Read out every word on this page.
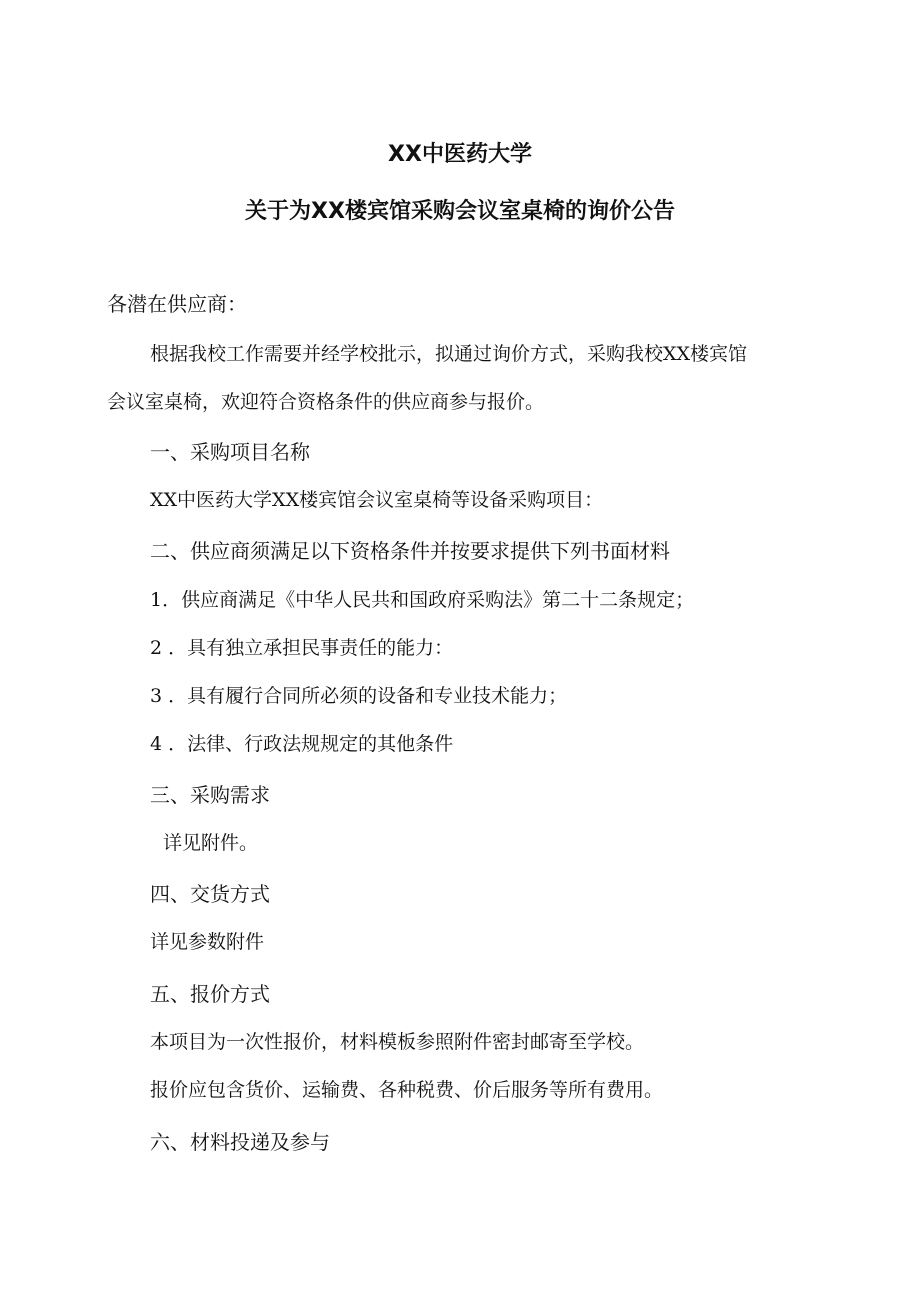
XX中医药大学
关于为XX楼宾馆采购会议室桌椅的询价公告
各潜在供应商：
根据我校工作需要并经学校批示，拟通过询价方式，采购我校XX楼宾馆
会议室桌椅，欢迎符合资格条件的供应商参与报价。
一、采购项目名称
XX中医药大学XX楼宾馆会议室桌椅等设备采购项目：
二、供应商须满足以下资格条件并按要求提供下列书面材料
1．供应商满足《中华人民共和国政府采购法》第二十二条规定；
2 ．具有独立承担民事责任的能力：
3 ．具有履行合同所必须的设备和专业技术能力；
4 ．法律、行政法规规定的其他条件
三、采购需求
详见附件。
四、交货方式
详见参数附件
五、报价方式
本项目为一次性报价，材料模板参照附件密封邮寄至学校。
报价应包含货价、运输费、各种税费、价后服务等所有费用。
六、材料投递及参与
